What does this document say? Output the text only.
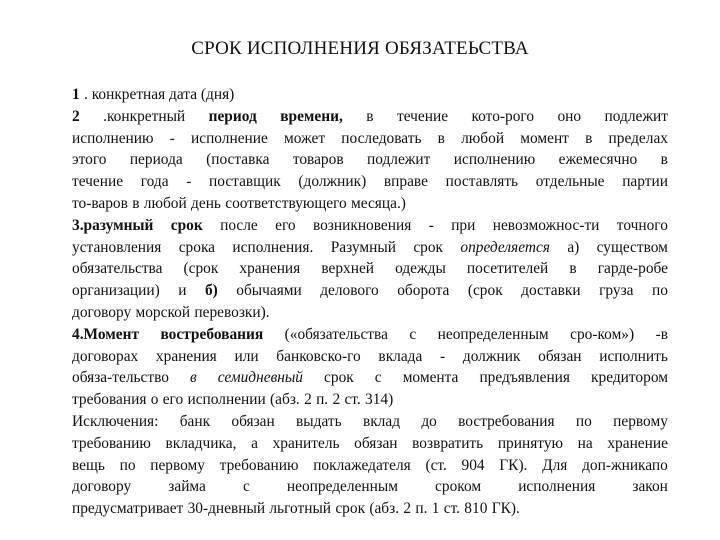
СРОК ИСПОЛНЕНИЯ ОБЯЗАТЕЬСТВА
1 . конкретная дата (дня)
2 .конкретный период времени, в течение кото-рого оно подлежит
исполнению - исполнение может последовать в любой момент в пределах
этого периода (поставка товаров подлежит исполнению ежемесячно в
течение года - поставщик (должник) вправе поставлять отдельные партии
то-варов в любой день соответствующего месяца.)
3.разумный срок после его возникновения - при невозможнос-ти точного
установления срока исполнения. Разумный срок определяется а) существом
обязательства (срок хранения верхней одежды посетителей в гарде-робе
организации) и б) обычаями делового оборота (срок доставки груза по
договору морской перевозки).
4.Момент востребования («обязательства с неопределенным сро-ком») -в
договорах хранения или банковско-го вклада - должник обязан исполнить
обяза-тельство в семидневный срок с момента предъявления кредитором
требования о его исполнении (абз. 2 п. 2 ст. 314)
Исключения: банк обязан выдать вклад до востребования по первому
требованию вкладчика, а хранитель обязан возвратить принятую на хранение
вещь по первому требованию поклажедателя (ст. 904 ГК). Для доп-жникапо
договору займа с неопределенным сроком исполнения закон
предусматривает 30-дневный льготный срок (абз. 2 п. 1 ст. 810 ГК).
